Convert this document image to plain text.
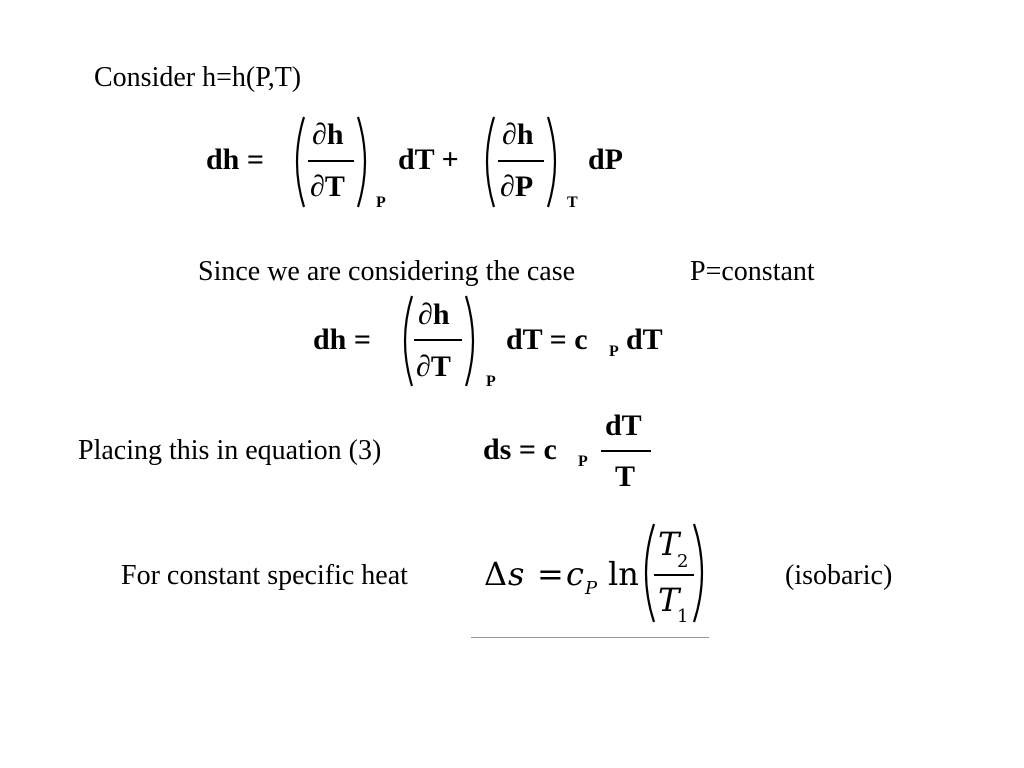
Consider h=h(P,T)
dh =
∂h
∂T P
dT +
∂h
∂P T
dP
Since we are considering the case	P=constant
dh =
∂h
∂T P
dT = c P dT
Placing this in equation (3)	ds = c P
dT
T
For constant specific heat	(isobaric)
Δ s = c P ln
T
2
T
1
